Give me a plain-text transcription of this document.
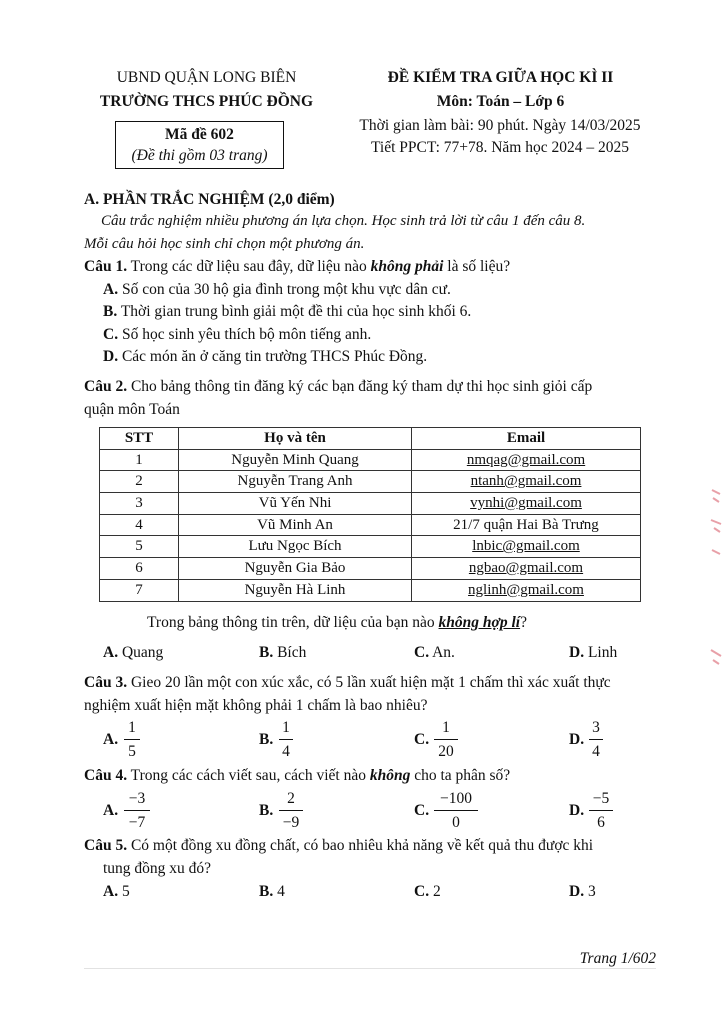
UBND QUẬN LONG BIÊN
TRƯỜNG THCS PHÚC ĐỒNG
Mã đề 602
(Đề thi gồm 03 trang)
ĐỀ KIỂM TRA GIỮA HỌC KÌ II
Môn: Toán – Lớp 6
Thời gian làm bài: 90 phút. Ngày 14/03/2025
Tiết PPCT: 77+78. Năm học 2024 – 2025
A. PHẦN TRẮC NGHIỆM (2,0 điểm)
Câu trắc nghiệm nhiều phương án lựa chọn. Học sinh trả lời từ câu 1 đến câu 8.
Mỗi câu hỏi học sinh chỉ chọn một phương án.
Câu 1. Trong các dữ liệu sau đây, dữ liệu nào không phải là số liệu?
A. Số con của 30 hộ gia đình trong một khu vực dân cư.
B. Thời gian trung bình giải một đề thi của học sinh khối 6.
C. Số học sinh yêu thích bộ môn tiếng anh.
D. Các món ăn ở căng tin trường THCS Phúc Đồng.
Câu 2. Cho bảng thông tin đăng ký các bạn đăng ký tham dự thi học sinh giỏi cấp
quận môn Toán
STT	Họ và tên	Email
1	Nguyễn Minh Quang	nmqag@gmail.com
2	Nguyễn Trang Anh	ntanh@gmail.com
3	Vũ Yến Nhi	vynhi@gmail.com
4	Vũ Minh An	21/7 quận Hai Bà Trưng
5	Lưu Ngọc Bích	lnbic@gmail.com
6	Nguyễn Gia Bảo	ngbao@gmail.com
7	Nguyễn Hà Linh	nglinh@gmail.com
Trong bảng thông tin trên, dữ liệu của bạn nào không hợp lí?
A. Quang	B. Bích	C. An.	D. Linh
Câu 3. Gieo 20 lần một con xúc xắc, có 5 lần xuất hiện mặt 1 chấm thì xác xuất thực
nghiệm xuất hiện mặt không phải 1 chấm là bao nhiêu?
A.
1
5
B.
1
4
C.
1
20
D.
3
4
Câu 4. Trong các cách viết sau, cách viết nào không cho ta phân số?
A.
−3
−7
B.
2
−9
C.
−100
0
D.
−5
6
Câu 5. Có một đồng xu đồng chất, có bao nhiêu khả năng về kết quả thu được khi
tung đồng xu đó?
A. 5	B. 4	C. 2	D. 3
Trang 1/602
